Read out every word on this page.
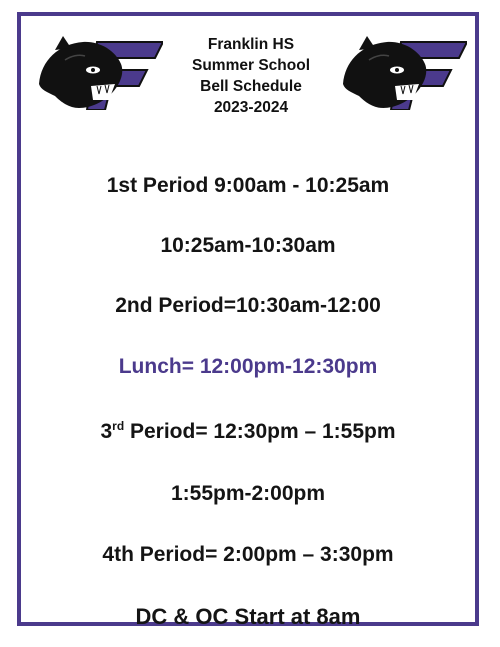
Franklin HS
Summer School
Bell Schedule
2023-2024
1st Period 9:00am - 10:25am
10:25am-10:30am
2nd Period=10:30am-12:00
Lunch= 12:00pm-12:30pm
3rd Period= 12:30pm – 1:55pm
1:55pm-2:00pm
4th Period= 2:00pm – 3:30pm
DC & OC Start at 8am
